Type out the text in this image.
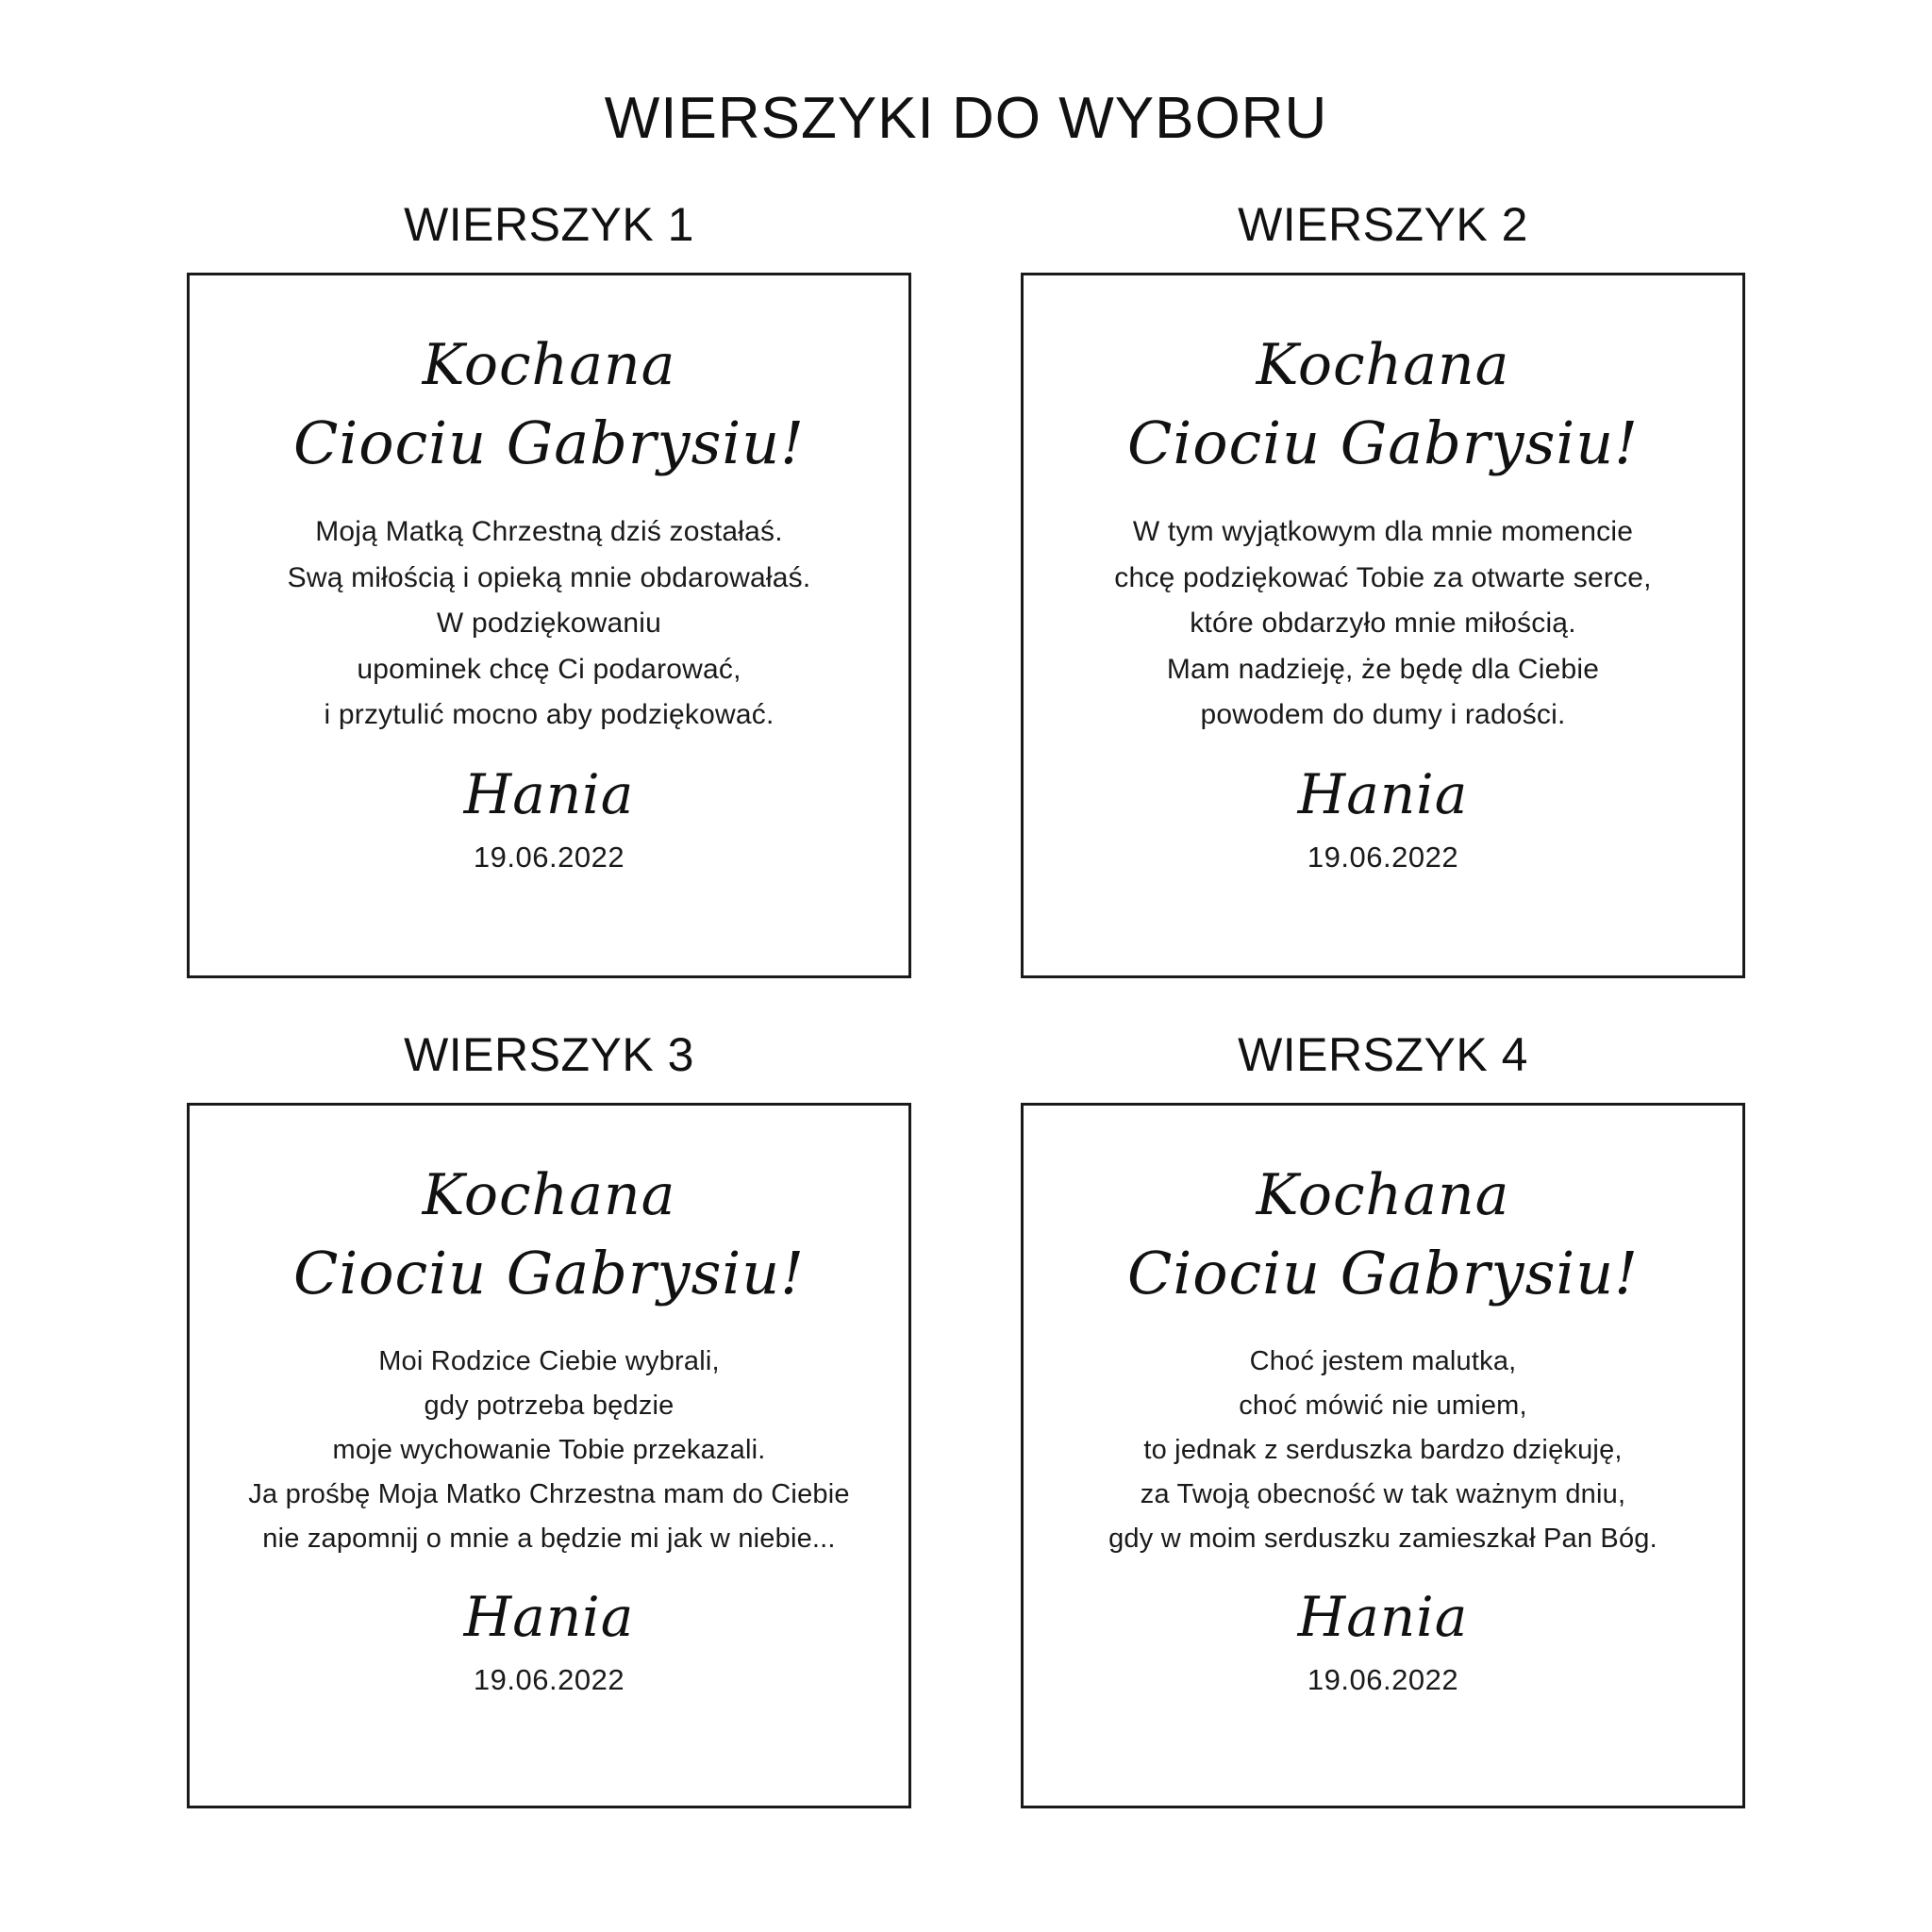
WIERSZYKI DO WYBORU
WIERSZYK 1
Kochana
Ciociu Gabrysiu!
Moją Matką Chrzestną dziś zostałaś.
Swą miłością i opieką mnie obdarowałaś.
W podziękowaniu
upominek chcę Ci podarować,
i przytulić mocno aby podziękować.
Hania
19.06.2022
WIERSZYK 2
Kochana
Ciociu Gabrysiu!
W tym wyjątkowym dla mnie momencie
chcę podziękować Tobie za otwarte serce,
które obdarzyło mnie miłością.
Mam nadzieję, że będę dla Ciebie
powodem do dumy i radości.
Hania
19.06.2022
WIERSZYK 3
Kochana
Ciociu Gabrysiu!
Moi Rodzice Ciebie wybrali,
gdy potrzeba będzie
moje wychowanie Tobie przekazali.
Ja prośbę Moja Matko Chrzestna mam do Ciebie
nie zapomnij o mnie a będzie mi jak w niebie...
Hania
19.06.2022
WIERSZYK 4
Kochana
Ciociu Gabrysiu!
Choć jestem malutka,
choć mówić nie umiem,
to jednak z serduszka bardzo dziękuję,
za Twoją obecność w tak ważnym dniu,
gdy w moim serduszku zamieszkał Pan Bóg.
Hania
19.06.2022
